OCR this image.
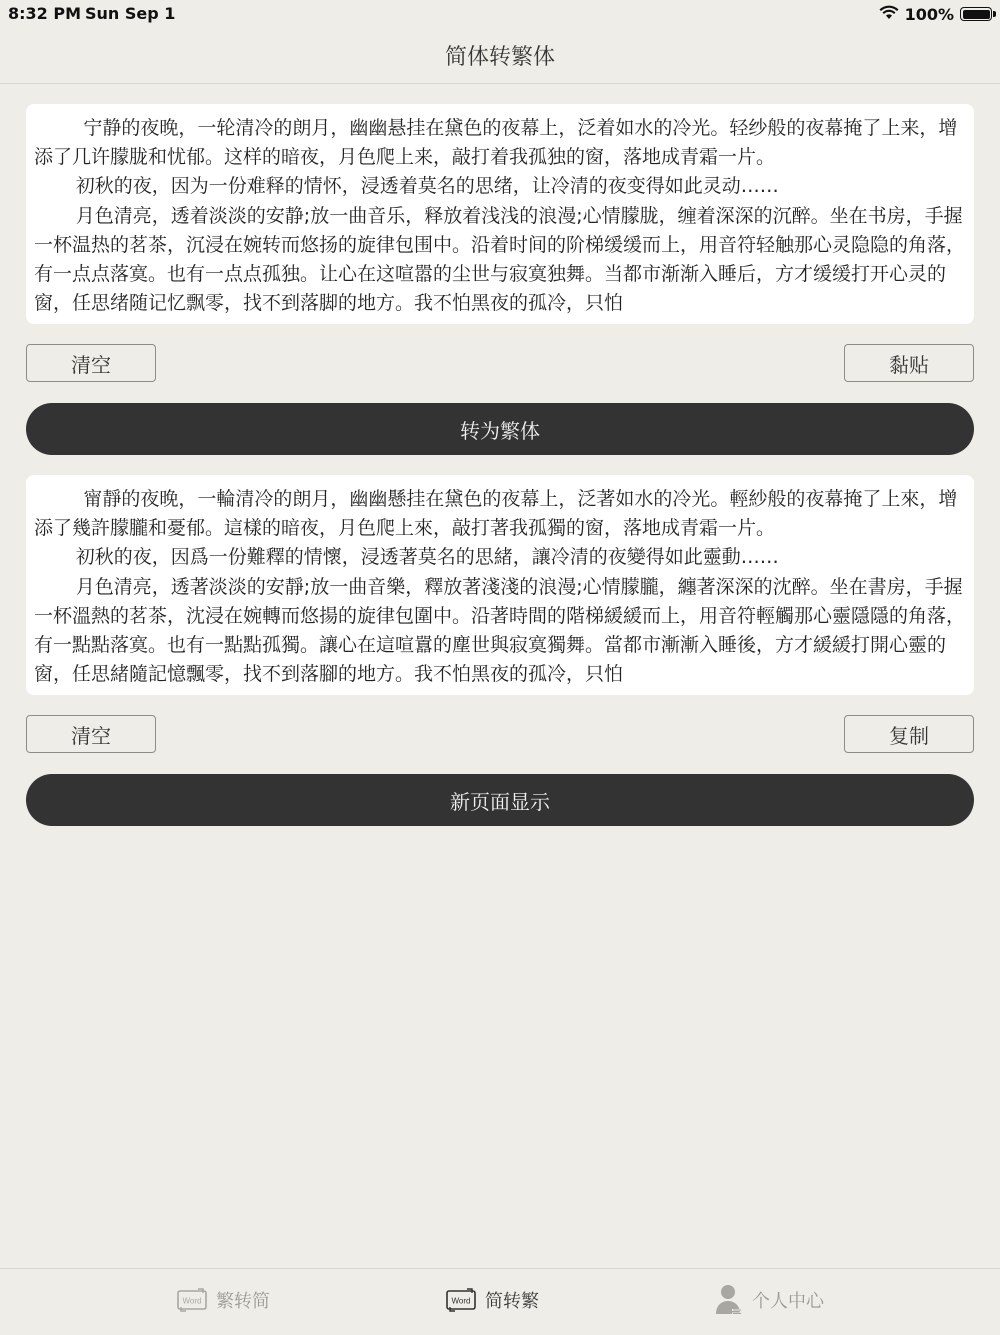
8:32 PM Sun Sep 1	100%
简体转繁体

宁静的夜晚，一轮清冷的朗月，幽幽悬挂在黛色的夜幕上，泛着如水的冷光。轻纱般的夜幕掩了上来，增添了几许朦胧和忧郁。这样的暗夜，月色爬上来，敲打着我孤独的窗，落地成青霜一片。

初秋的夜，因为一份难释的情怀，浸透着莫名的思绪，让冷清的夜变得如此灵动……

月色清亮，透着淡淡的安静;放一曲音乐，释放着浅浅的浪漫;心情朦胧，缠着深深的沉醉。坐在书房，手握一杯温热的茗茶，沉浸在婉转而悠扬的旋律包围中。沿着时间的阶梯缓缓而上，用音符轻触那心灵隐隐的角落，有一点点落寞。也有一点点孤独。让心在这喧嚣的尘世与寂寞独舞。当都市渐渐入睡后，方才缓缓打开心灵的窗，任思绪随记忆飘零，找不到落脚的地方。我不怕黑夜的孤冷，只怕

清空	黏贴
转为繁体

甯靜的夜晚，一輪清冷的朗月，幽幽懸挂在黛色的夜幕上，泛著如水的冷光。輕紗般的夜幕掩了上來，增添了幾許朦朧和憂郁。這樣的暗夜，月色爬上來，敲打著我孤獨的窗，落地成青霜一片。

初秋的夜，因爲一份難釋的情懷，浸透著莫名的思緒，讓冷清的夜變得如此靈動……

月色清亮，透著淡淡的安靜;放一曲音樂，釋放著淺淺的浪漫;心情朦朧，纏著深深的沈醉。坐在書房，手握一杯溫熱的茗茶，沈浸在婉轉而悠揚的旋律包圍中。沿著時間的階梯緩緩而上，用音符輕觸那心靈隱隱的角落，有一點點落寞。也有一點點孤獨。讓心在這喧囂的塵世與寂寞獨舞。當都市漸漸入睡後，方才緩緩打開心靈的窗，任思緒隨記憶飄零，找不到落腳的地方。我不怕黑夜的孤冷，只怕

清空	复制
新页面显示
Word 繁转简	Word 简转繁	个人中心
